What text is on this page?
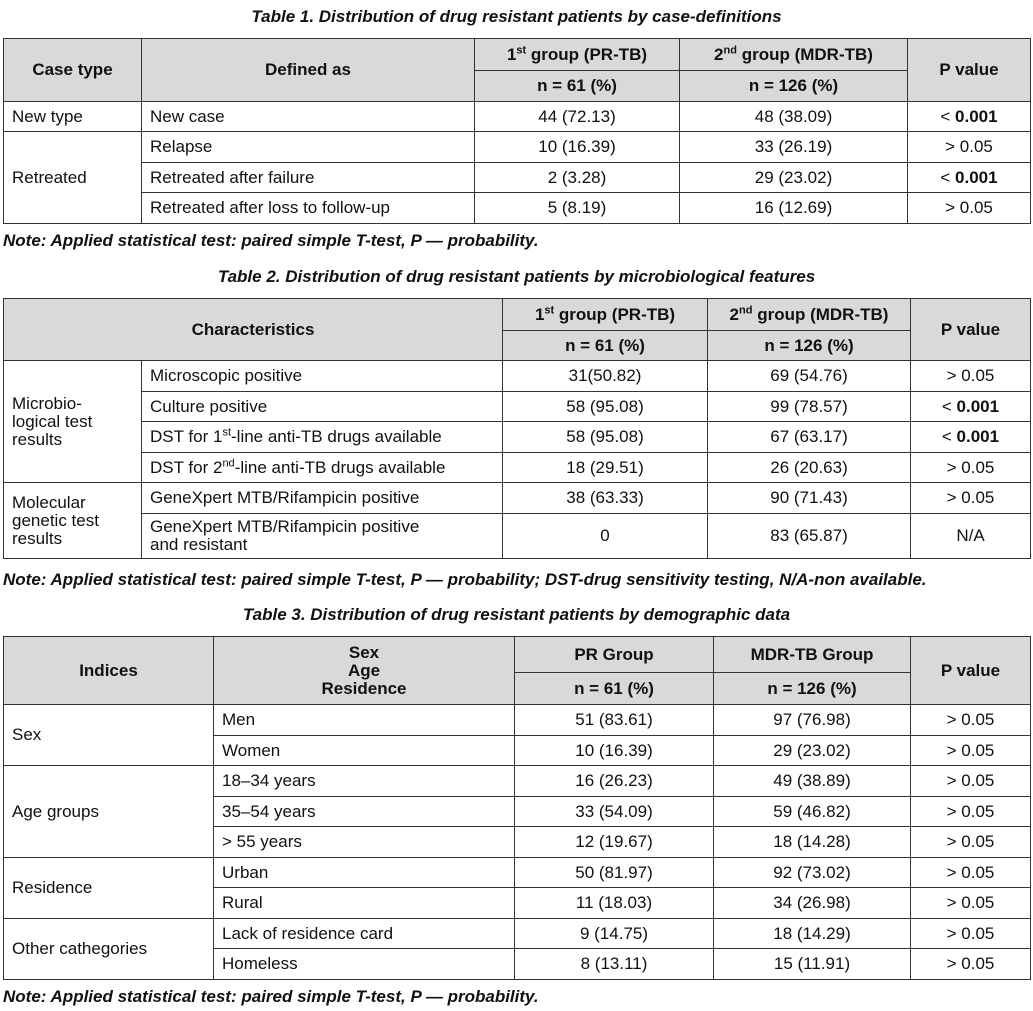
Table 1. Distribution of drug resistant patients by case-definitions
Case type	Defined as	1st group (PR-TB)	2nd group (MDR-TB)	P value
		n = 61 (%)	n = 126 (%)	
New type	New case	44 (72.13)	48 (38.09)	< 0.001
Retreated	Relapse	10 (16.39)	33 (26.19)	> 0.05
	Retreated after failure	2 (3.28)	29 (23.02)	< 0.001
	Retreated after loss to follow-up	5 (8.19)	16 (12.69)	> 0.05
Note: Applied statistical test: paired simple T-test, P — probability.
Table 2. Distribution of drug resistant patients by microbiological features
Characteristics		1st group (PR-TB)	2nd group (MDR-TB)	P value
		n = 61 (%)	n = 126 (%)	

Microbio-
logical test
results	Microscopic positive	31(50.82)	69 (54.76)	> 0.05
	Culture positive	58 (95.08)	99 (78.57)	< 0.001
	DST for 1st-line anti-TB drugs available	58 (95.08)	67 (63.17)	< 0.001
	DST for 2nd-line anti-TB drugs available	18 (29.51)	26 (20.63)	> 0.05

Molecular
genetic test
results	GeneXpert MTB/Rifampicin positive	38 (63.33)	90 (71.43)	> 0.05

	GeneXpert MTB/Rifampicin positive
and resistant	0	83 (65.87)	N/A
Note: Applied statistical test: paired simple T-test, P — probability; DST-drug sensitivity testing, N/A-non available.
Table 3. Distribution of drug resistant patients by demographic data
Indices	Sex
Age
Residence	PR Group	MDR-TB Group	P value
		n = 61 (%)	n = 126 (%)	
Sex	Men	51 (83.61)	97 (76.98)	> 0.05
	Women	10 (16.39)	29 (23.02)	> 0.05
Age groups	18–34 years	16 (26.23)	49 (38.89)	> 0.05
	35–54 years	33 (54.09)	59 (46.82)	> 0.05
	> 55 years	12 (19.67)	18 (14.28)	> 0.05
Residence	Urban	50 (81.97)	92 (73.02)	> 0.05
	Rural	11 (18.03)	34 (26.98)	> 0.05
Other cathegories	Lack of residence card	9 (14.75)	18 (14.29)	> 0.05
	Homeless	8 (13.11)	15 (11.91)	> 0.05
Note: Applied statistical test: paired simple T-test, P — probability.
